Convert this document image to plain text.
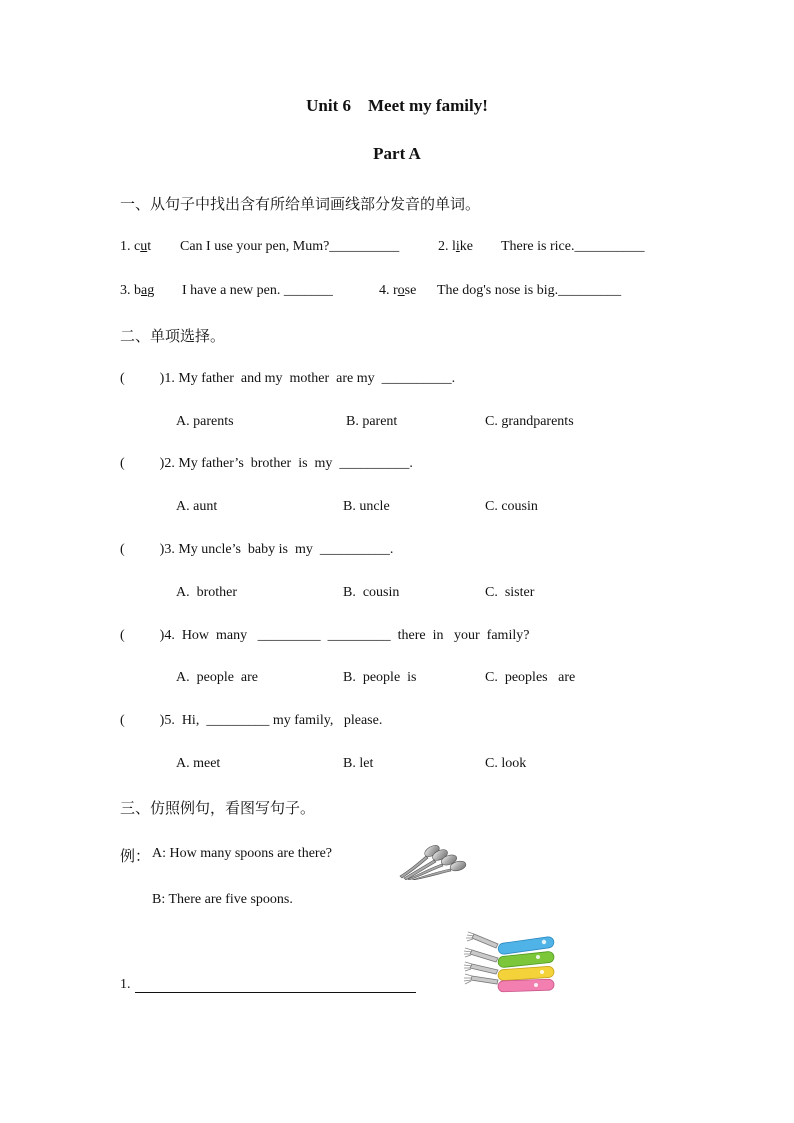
Unit 6    Meet my family!
Part A
一、从句子中找出含有所给单词画线部分发音的单词。
1. cut Can I use your pen, Mum?__________	2. like There is rice.__________
3. bag I have a new pen. _______	4. rose The dog's nose is big._________
二、单项选择。
(          )1. My father  and my  mother  are my  __________.
A. parents	B. parent	C. grandparents
(          )2. My father’s  brother  is  my  __________.
A. aunt	B. uncle	C. cousin
(          )3. My uncle’s  baby is  my  __________.
A.  brother	B.  cousin	C.  sister
(          )4.  How  many   _________  _________  there  in   your  family?
A.  people  are	B.  people  is	C.  peoples   are
(          )5.  Hi,  _________ my family,   please.
A. meet	B. let	C. look
三、仿照例句，看图写句子。
例： A: How many spoons are there?
B: There are five spoons.
1.
